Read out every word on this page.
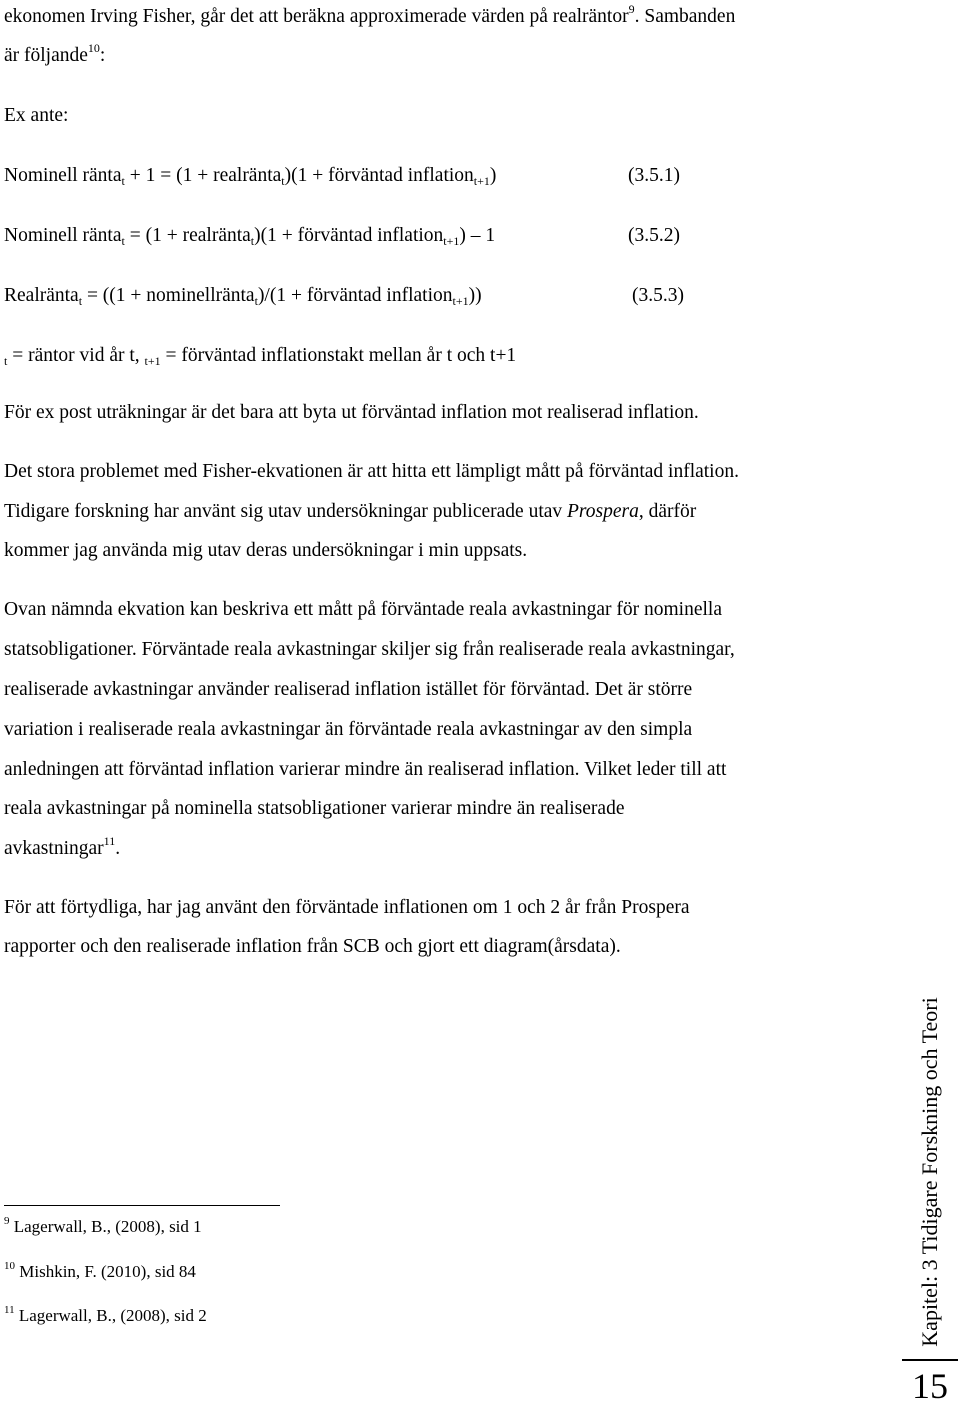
ekonomen Irving Fisher, går det att beräkna approximerade värden på realräntor$^9$. Sambanden
är följande$^{10}$:
Ex ante:
Nominell ränta$_t$ + 1 = (1 + realränta$_t$)(1 + förväntad inflation$_{t+1}$)	(3.5.1)
Nominell ränta$_t$ = (1 + realränta$_t$)(1 + förväntad inflation$_{t+1}$) – 1	(3.5.2)
Realränta$_t$ = ((1 + nominellränta$_t$)/(1 + förväntad inflation$_{t+1}$))	(3.5.3)
$_t$ = räntor vid år t, $_{t+1}$ = förväntad inflationstakt mellan år t och t+1
För ex post uträkningar är det bara att byta ut förväntad inflation mot realiserad inflation.
Det stora problemet med Fisher-ekvationen är att hitta ett lämpligt mått på förväntad inflation.
Tidigare forskning har använt sig utav undersökningar publicerade utav Prospera, därför
kommer jag använda mig utav deras undersökningar i min uppsats.
Ovan nämnda ekvation kan beskriva ett mått på förväntade reala avkastningar för nominella
statsobligationer. Förväntade reala avkastningar skiljer sig från realiserade reala avkastningar,
realiserade avkastningar använder realiserad inflation istället för förväntad. Det är större
variation i realiserade reala avkastningar än förväntade reala avkastningar av den simpla
anledningen att förväntad inflation varierar mindre än realiserad inflation. Vilket leder till att
reala avkastningar på nominella statsobligationer varierar mindre än realiserade
avkastningar$^{11}$.
För att förtydliga, har jag använt den förväntade inflationen om 1 och 2 år från Prospera
rapporter och den realiserade inflation från SCB och gjort ett diagram(årsdata).
$^9$ Lagerwall, B., (2008), sid 1
$^{10}$ Mishkin, F. (2010), sid 84
$^{11}$ Lagerwall, B., (2008), sid 2	Kapitel: 3 Tidigare Forskning och Teori
15
